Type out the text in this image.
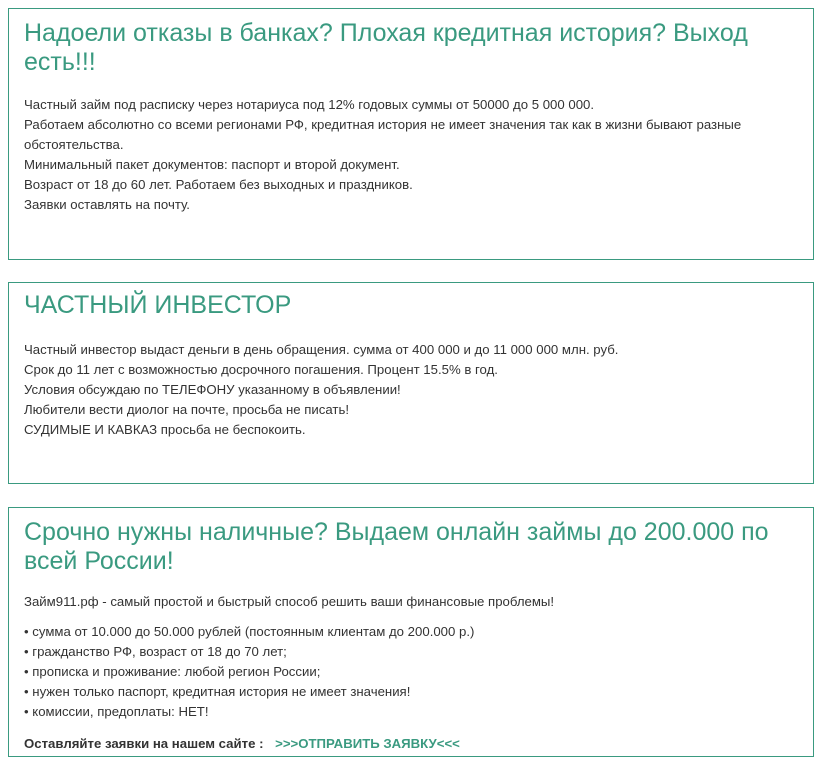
Надоели отказы в банках? Плохая кредитная история? Выход есть!!!
Частный займ под расписку через нотариуса под 12% годовых суммы от 50000 до 5 000 000.
Работаем абсолютно со всеми регионами РФ, кредитная история не имеет значения так как в жизни бывают разные обстоятельства.
Минимальный пакет документов: паспорт и второй документ.
Возраст от 18 до 60 лет. Работаем без выходных и праздников.
Заявки оставлять на почту.
ЧАСТНЫЙ ИНВЕСТОР
Частный инвестор выдаст деньги в день обращения. сумма от 400 000 и до 11 000 000 млн. руб.
Срок до 11 лет с возможностью досрочного погашения. Процент 15.5% в год.
Условия обсуждаю по ТЕЛЕФОНУ указанному в объявлении!
Любители вести диолог на почте, просьба не писать!
СУДИМЫЕ И КАВКАЗ просьба не беспокоить.
Срочно нужны наличные? Выдаем онлайн займы до 200.000 по всей России!
Займ911.рф - самый простой и быстрый способ решить ваши финансовые проблемы!
• сумма от 10.000 до 50.000 рублей (постоянным клиентам до 200.000 р.)
• гражданство РФ, возраст от 18 до 70 лет;
• прописка и проживание: любой регион России;
• нужен только паспорт, кредитная история не имеет значения!
• комиссии, предоплаты: НЕТ!
Оставляйте заявки на нашем сайте : >>>ОТПРАВИТЬ ЗАЯВКУ<<<
